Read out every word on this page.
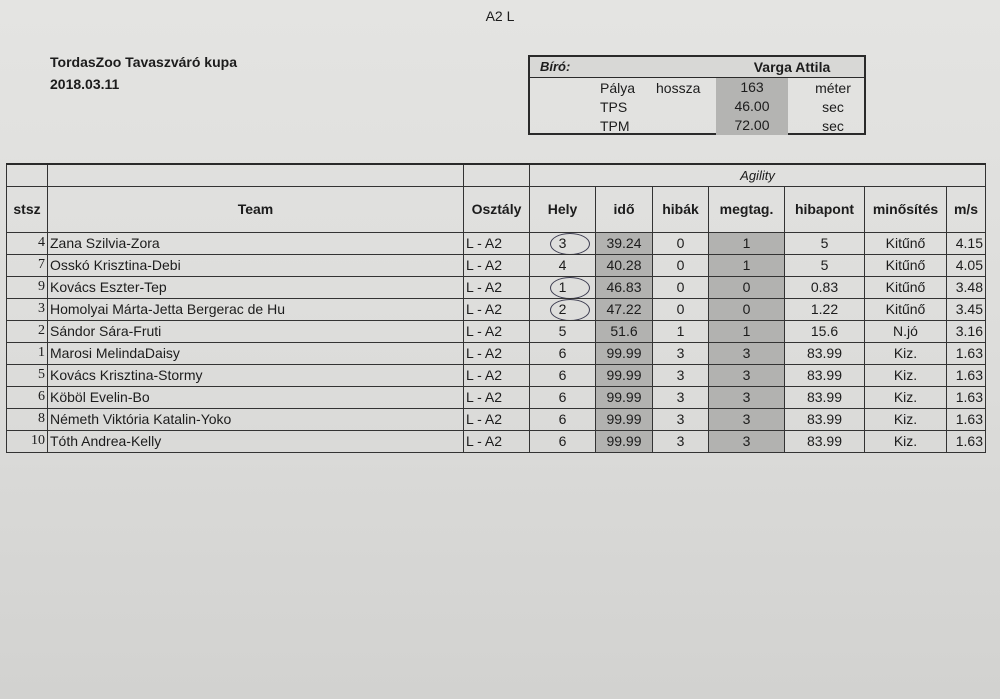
A2 L
TordasZoo Tavaszváró kupa
2018.03.11
Bíró:	Varga Attila
Pálya hossza	163	méter
TPS	46.00	sec
TPM	72.00	sec
			Agility						
stsz	Team	Osztály	Hely	idő	hibák	megtag.	hibapont	minősítés	m/s
4	Zana Szilvia-Zora	L - A2	3	39.24	0	1	5	Kitűnő	4.15
7	Osskó Krisztina-Debi	L - A2	4	40.28	0	1	5	Kitűnő	4.05
9	Kovács Eszter-Tep	L - A2	1	46.83	0	0	0.83	Kitűnő	3.48
3	Homolyai Márta-Jetta Bergerac de Hu	L - A2	2	47.22	0	0	1.22	Kitűnő	3.45
2	Sándor Sára-Fruti	L - A2	5	51.6	1	1	15.6	N.jó	3.16
1	Marosi MelindaDaisy	L - A2	6	99.99	3	3	83.99	Kiz.	1.63
5	Kovács Krisztina-Stormy	L - A2	6	99.99	3	3	83.99	Kiz.	1.63
6	Köböl Evelin-Bo	L - A2	6	99.99	3	3	83.99	Kiz.	1.63
8	Németh Viktória Katalin-Yoko	L - A2	6	99.99	3	3	83.99	Kiz.	1.63
10	Tóth Andrea-Kelly	L - A2	6	99.99	3	3	83.99	Kiz.	1.63
